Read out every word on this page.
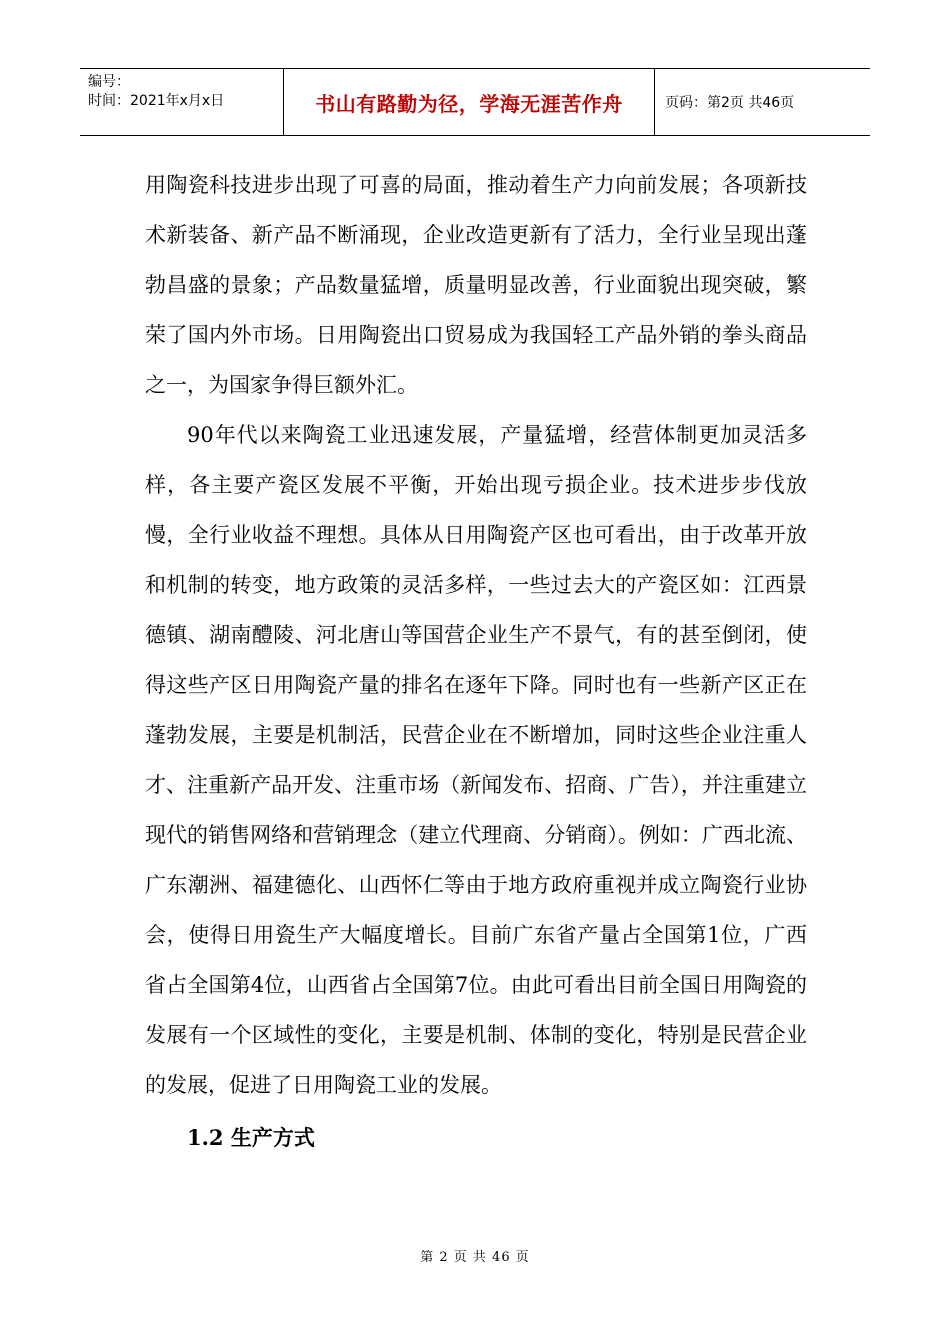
编号：
时间：2021年x月x日	书山有路勤为径，学海无涯苦作舟	页码：第2页 共46页

用陶瓷科技进步出现了可喜的局面，推动着生产力向前发展；各项新技术新装备、新产品不断涌现，企业改造更新有了活力，全行业呈现出蓬勃昌盛的景象；产品数量猛增，质量明显改善，行业面貌出现突破，繁荣了国内外市场。日用陶瓷出口贸易成为我国轻工产品外销的拳头商品之一，为国家争得巨额外汇。

90年代以来陶瓷工业迅速发展，产量猛增，经营体制更加灵活多样，各主要产瓷区发展不平衡，开始出现亏损企业。技术进步步伐放慢，全行业收益不理想。具体从日用陶瓷产区也可看出，由于改革开放和机制的转变，地方政策的灵活多样，一些过去大的产瓷区如：江西景德镇、湖南醴陵、河北唐山等国营企业生产不景气，有的甚至倒闭，使得这些产区日用陶瓷产量的排名在逐年下降。同时也有一些新产区正在蓬勃发展，主要是机制活，民营企业在不断增加，同时这些企业注重人才、注重新产品开发、注重市场（新闻发布、招商、广告），并注重建立现代的销售网络和营销理念（建立代理商、分销商）。例如：广西北流、广东潮洲、福建德化、山西怀仁等由于地方政府重视并成立陶瓷行业协会，使得日用瓷生产大幅度增长。目前广东省产量占全国第1位，广西省占全国第4位，山西省占全国第7位。由此可看出目前全国日用陶瓷的发展有一个区域性的变化，主要是机制、体制的变化，特别是民营企业的发展，促进了日用陶瓷工业的发展。

1.2 生产方式
第 2 页 共 46 页
